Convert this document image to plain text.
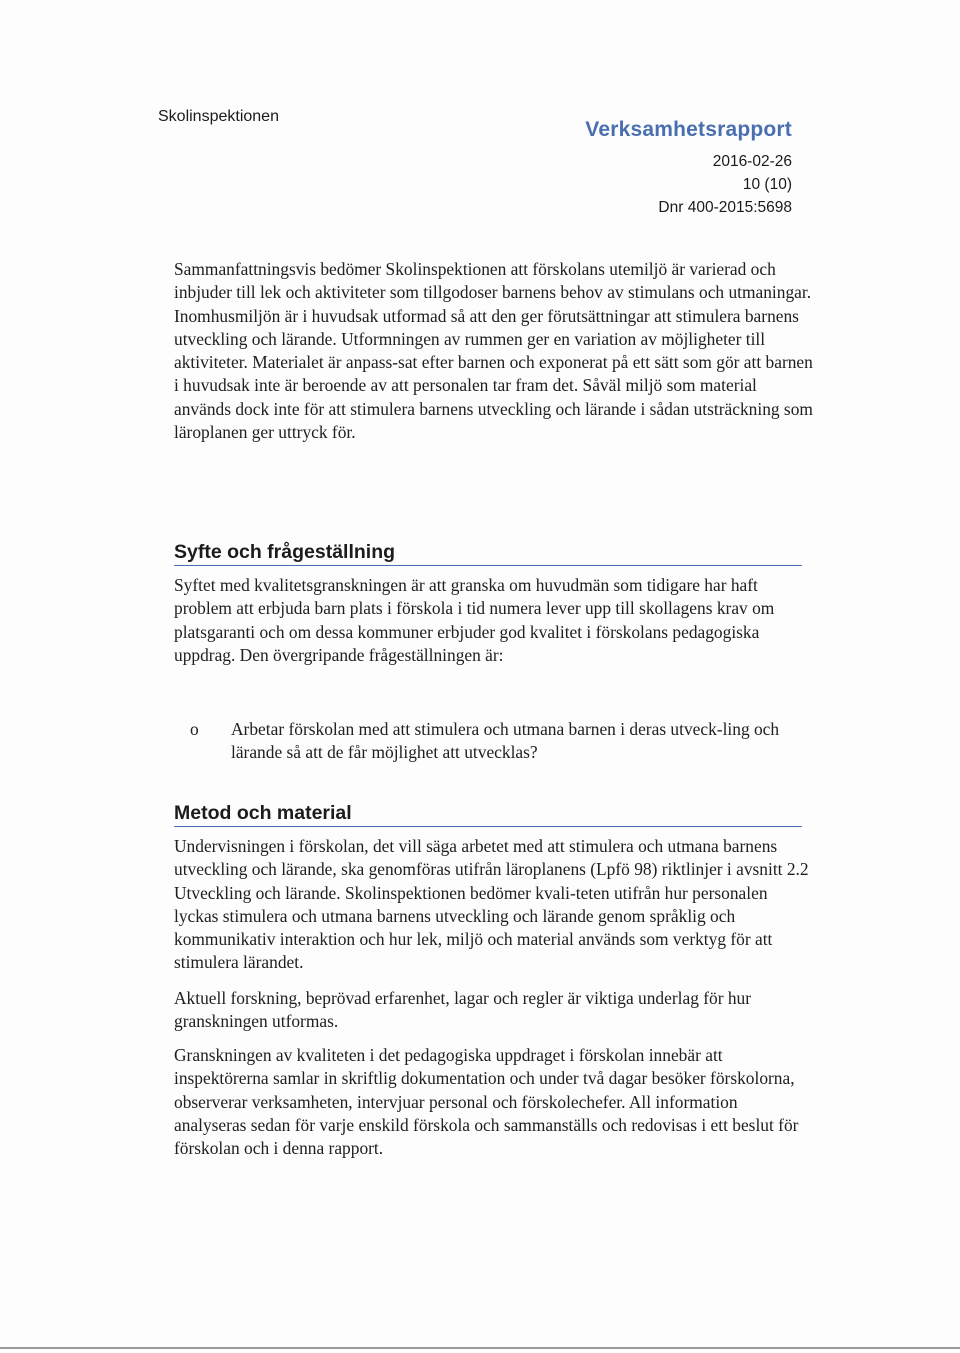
Skolinspektionen
Verksamhetsrapport
2016-02-26
10 (10)
Dnr 400-2015:5698

Sammanfattningsvis bedömer Skolinspektionen att förskolans utemiljö är varierad och inbjuder till lek och aktiviteter som tillgodoser barnens behov av stimulans och utmaningar. Inomhusmiljön är i huvudsak utformad så att den ger förutsättningar att stimulera barnens utveckling och lärande. Utformningen av rummen ger en variation av möjligheter till aktiviteter. Materialet är anpass-sat efter barnen och exponerat på ett sätt som gör att barnen i huvudsak inte är beroende av att personalen tar fram det. Såväl miljö som material används dock inte för att stimulera barnens utveckling och lärande i sådan utsträckning som läroplanen ger uttryck för.

Syfte och frågeställning

Syftet med kvalitetsgranskningen är att granska om huvudmän som tidigare har haft problem att erbjuda barn plats i förskola i tid numera lever upp till skollagens krav om platsgaranti och om dessa kommuner erbjuder god kvalitet i förskolans pedagogiska uppdrag. Den övergripande frågeställningen är:

o Arbetar förskolan med att stimulera och utmana barnen i deras utveck-ling och lärande så att de får möjlighet att utvecklas?
Metod och material

Undervisningen i förskolan, det vill säga arbetet med att stimulera och utmana barnens utveckling och lärande, ska genomföras utifrån läroplanens (Lpfö 98) riktlinjer i avsnitt 2.2 Utveckling och lärande. Skolinspektionen bedömer kvali-teten utifrån hur personalen lyckas stimulera och utmana barnens utveckling och lärande genom språklig och kommunikativ interaktion och hur lek, miljö och material används som verktyg för att stimulera lärandet.

Aktuell forskning, beprövad erfarenhet, lagar och regler är viktiga underlag för hur granskningen utformas.

Granskningen av kvaliteten i det pedagogiska uppdraget i förskolan innebär att inspektörerna samlar in skriftlig dokumentation och under två dagar besöker förskolorna, observerar verksamheten, intervjuar personal och förskolechefer. All information analyseras sedan för varje enskild förskola och sammanställs och redovisas i ett beslut för förskolan och i denna rapport.
